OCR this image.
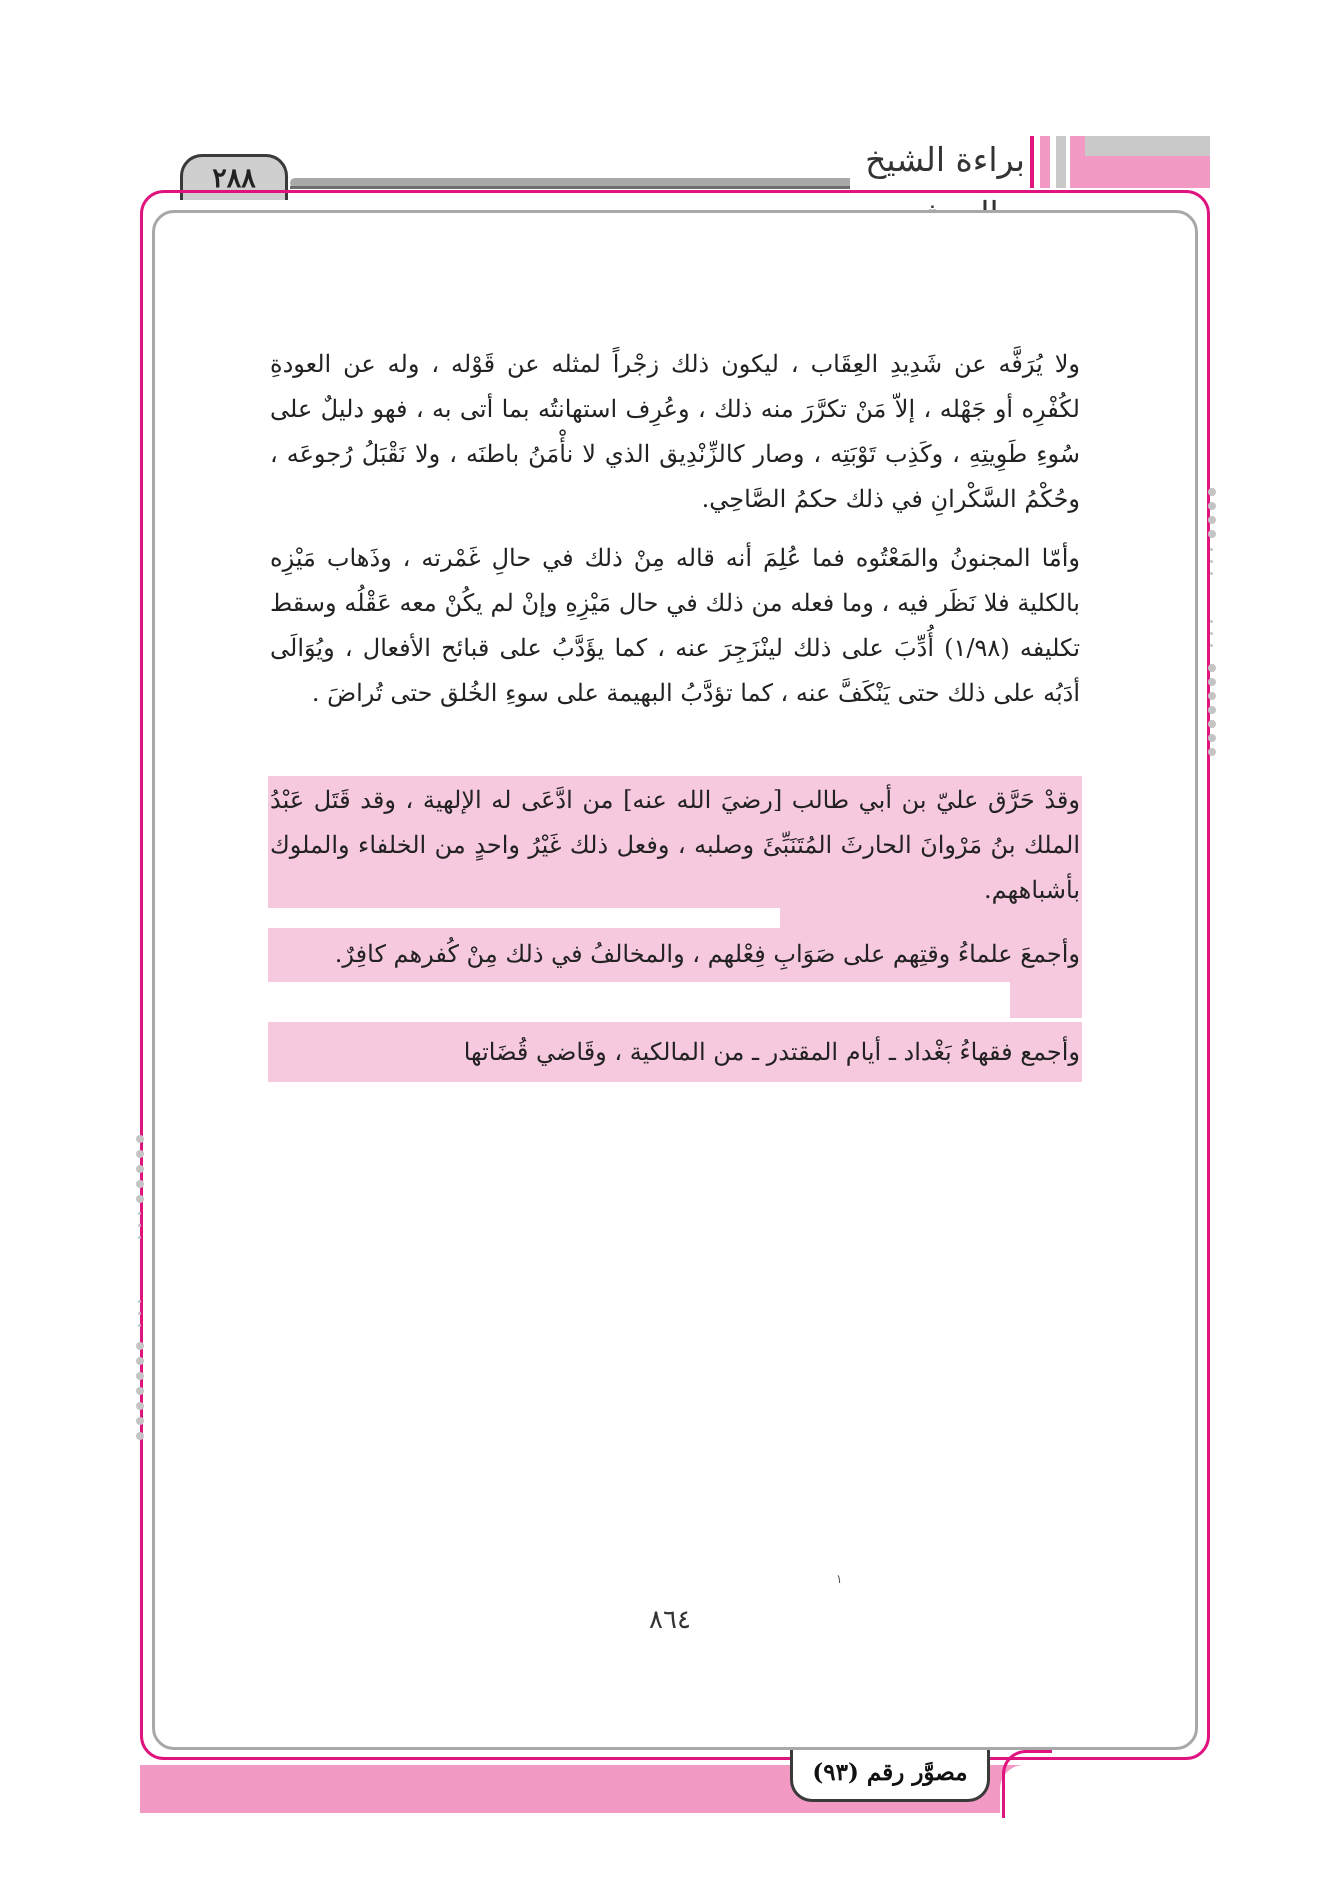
براءة الشيخ
٢٨٨
ولا يُرَفَّه عن شَدِيدِ العِقَاب ، ليكون ذلك زجْراً لمثله عن قَوْله ، وله عن العودةِ لكُفْرِه أو جَهْله ، إلاّ مَنْ تكرَّرَ منه ذلك ، وعُرِف استهانتُه بما أتى به ، فهو دليلٌ على سُوءِ طَوِيتِهِ ، وكَذِب تَوْبَتِه ، وصار كالزِّنْدِيق الذي لا نأْمَنُ باطنَه ، ولا نَقْبَلُ رُجوعَه ، وحُكْمُ السَّكْرانِ في ذلك حكمُ الصَّاحِي.
وأمّا المجنونُ والمَعْتُوه فما عُلِمَ أنه قاله مِنْ ذلك في حالِ غَمْرته ، وذَهاب مَيْزِه بالكلية فلا نَظَر فيه ، وما فعله من ذلك في حال مَيْزِهِ وإنْ لم يكُنْ معه عَقْلُه وسقط تكليفه (١/٩٨) أُدِّبَ على ذلك لينْزَجِرَ عنه ، كما يؤَدَّبُ على قبائح الأفعال ، ويُوَالَى أدَبُه على ذلك حتى يَنْكَفَّ عنه ، كما تؤدَّبُ البهيمة على سوءِ الخُلق حتى تُراضَ .
وقدْ حَرَّق عليّ بن أبي طالب [رضيَ الله عنه] من ادَّعَى له الإلهية ، وقد قَتَل عَبْدُ الملك بنُ مَرْوانَ الحارثَ المُتَنَبِّئَ وصلبه ، وفعل ذلك غَيْرُ واحدٍ من الخلفاء والملوك بأشباههم.
وأجمعَ علماءُ وقتِهم على صَوَابِ فِعْلهم ، والمخالفُ في ذلك مِنْ كُفرهم كافِرٌ.
وأجمع فقهاءُ بَغْداد ـ أيام المقتدر ـ من المالكية ، وقَاضي قُضَاتها
١
٨٦٤
مصوَّر رقم (٩٣)
